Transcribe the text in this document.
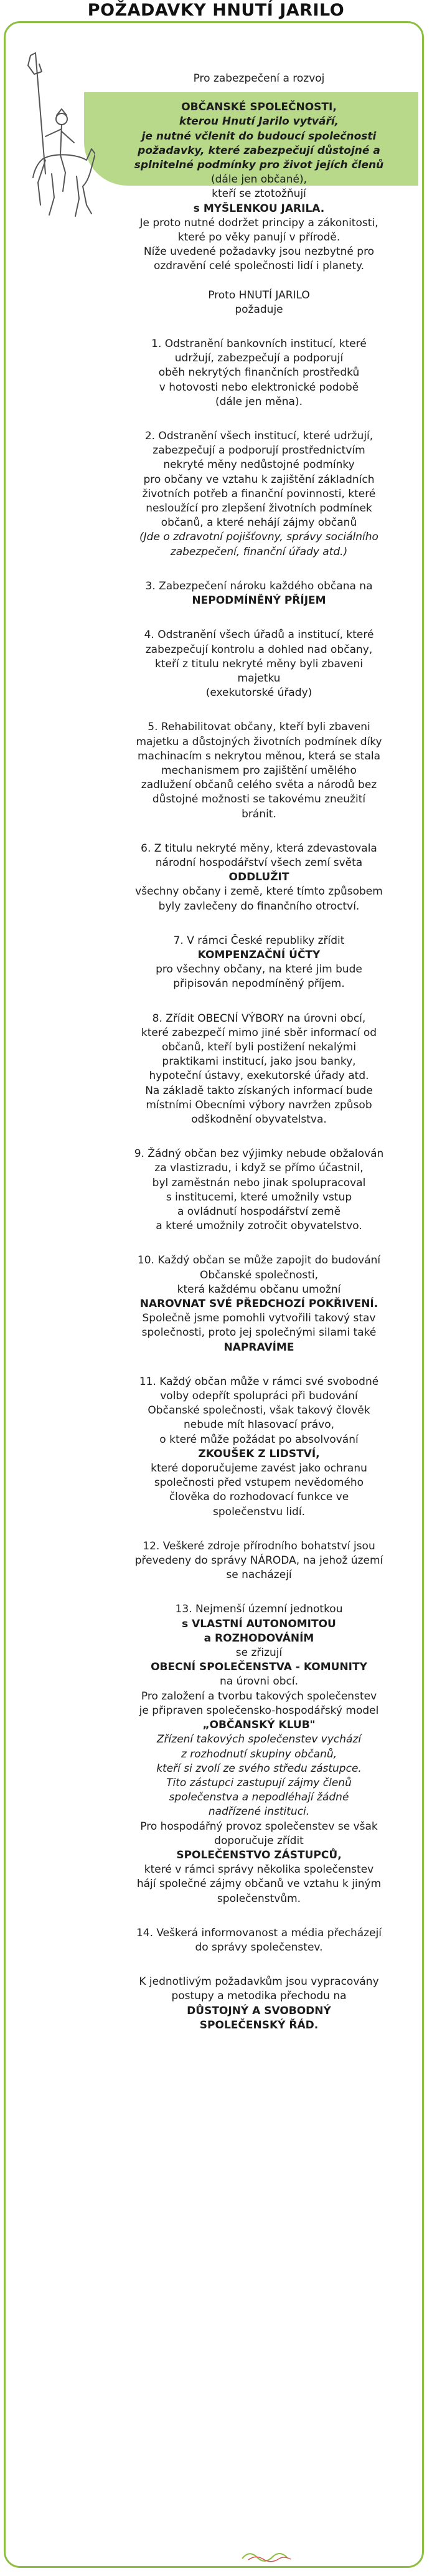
POŽADAVKY HNUTÍ JARILO

Pro zabezpečení a rozvoj

OBČANSKÉ SPOLEČNOSTI,

kterou Hnutí Jarilo vytváří,

je nutné včlenit do budoucí společnosti

požadavky, které zabezpečují důstojné a

splnitelné podmínky pro život jejích členů

(dále jen občané),

kteří se ztotožňují

s MYŠLENKOU JARILA.

Je proto nutné dodržet principy a zákonitosti,

které po věky panují v přírodě.

Níže uvedené požadavky jsou nezbytné pro

ozdravění celé společnosti lidí i planety.

Proto HNUTÍ JARILO

požaduje

1. Odstranění bankovních institucí, které

udržují, zabezpečují a podporují

oběh nekrytých finančních prostředků

v hotovosti nebo elektronické podobě

(dále jen měna).

2. Odstranění všech institucí, které udržují,

zabezpečují a podporují prostřednictvím

nekryté měny nedůstojné podmínky

pro občany ve vztahu k zajištění základních

životních potřeb a finanční povinnosti, které

nesloužící pro zlepšení životních podmínek

občanů, a které nehájí zájmy občanů

(Jde o zdravotní pojišťovny, správy sociálního

zabezpečení, finanční úřady atd.)

3. Zabezpečení nároku každého občana na

NEPODMÍNĚNÝ PŘÍJEM

4. Odstranění všech úřadů a institucí, které

zabezpečují kontrolu a dohled nad občany,

kteří z titulu nekryté měny byli zbaveni

majetku

(exekutorské úřady)

5. Rehabilitovat občany, kteří byli zbaveni

majetku a důstojných životních podmínek díky

machinacím s nekrytou měnou, která se stala

mechanismem pro zajištění umělého

zadlužení občanů celého světa a národů bez

důstojné možnosti se takovému zneužití

bránit.

6. Z titulu nekryté měny, která zdevastovala

národní hospodářství všech zemí světa

ODDLUŽIT

všechny občany i země, které tímto způsobem

byly zavlečeny do finančního otroctví.

7. V rámci České republiky zřídit

KOMPENZAČNÍ ÚČTY

pro všechny občany, na které jim bude

připisován nepodmíněný příjem.

8. Zřídit OBECNÍ VÝBORY na úrovni obcí,

které zabezpečí mimo jiné sběr informací od

občanů, kteří byli postižení nekalými

praktikami institucí, jako jsou banky,

hypoteční ústavy, exekutorské úřady atd.

Na základě takto získaných informací bude

místními Obecními výbory navržen způsob

odškodnění obyvatelstva.

9. Žádný občan bez výjimky nebude obžalován

za vlastizradu, i když se přímo účastnil,

byl zaměstnán nebo jinak spolupracoval

s institucemi, které umožnily vstup

a ovládnutí hospodářství země

a které umožnily zotročit obyvatelstvo.

10. Každý občan se může zapojit do budování

Občanské společnosti,

která každému občanu umožní

NAROVNAT SVÉ PŘEDCHOZÍ POKŘIVENÍ.

Společně jsme pomohli vytvořili takový stav

společnosti, proto jej společnými silami také

NAPRAVÍME

11. Každý občan může v rámci své svobodné

volby odepřít spolupráci při budování

Občanské společnosti, však takový člověk

nebude mít hlasovací právo,

o které může požádat po absolvování

ZKOUŠEK Z LIDSTVÍ,

které doporučujeme zavést jako ochranu

společnosti před vstupem nevědomého

člověka do rozhodovací funkce ve

společenstvu lidí.

12. Veškeré zdroje přírodního bohatství jsou

převedeny do správy NÁRODA, na jehož území

se nacházejí

13. Nejmenší územní jednotkou

s VLASTNÍ AUTONOMITOU

a ROZHODOVÁNÍM

se zřizují

OBECNÍ SPOLEČENSTVA - KOMUNITY

na úrovni obcí.

Pro založení a tvorbu takových společenstev

je připraven společensko-hospodářský model

„OBČANSKÝ KLUB"

Zřízení takových společenstev vychází

z rozhodnutí skupiny občanů,

kteří si zvolí ze svého středu zástupce.

Tito zástupci zastupují zájmy členů

společenstva a nepodléhají žádné

nadřízené instituci.

Pro hospodářný provoz společenstev se však

doporučuje zřídit

SPOLEČENSTVO ZÁSTUPCŮ,

které v rámci správy několika společenstev

hájí společné zájmy občanů ve vztahu k jiným

společenstvům.

14. Veškerá informovanost a média přecházejí

do správy společenstev.

K jednotlivým požadavkům jsou vypracovány

postupy a metodika přechodu na

DŮSTOJNÝ A SVOBODNÝ

SPOLEČENSKÝ ŘÁD.
